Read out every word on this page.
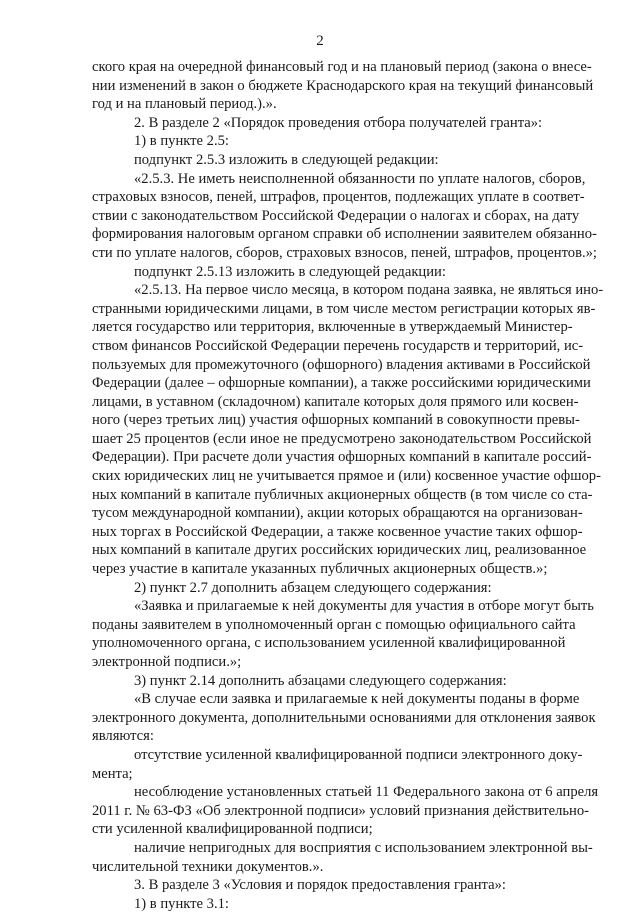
2

ского края на очередной финансовый год и на плановый период (закона о внесе-

нии изменений в закон о бюджете Краснодарского края на текущий финансовый

год и на плановый период.).».

2. В разделе 2 «Порядок проведения отбора получателей гранта»:

1) в пункте 2.5:

подпункт 2.5.3 изложить в следующей редакции:

«2.5.3. Не иметь неисполненной обязанности по уплате налогов, сборов,

страховых взносов, пеней, штрафов, процентов, подлежащих уплате в соответ-

ствии с законодательством Российской Федерации о налогах и сборах, на дату

формирования налоговым органом справки об исполнении заявителем обязанно-

сти по уплате налогов, сборов, страховых взносов, пеней, штрафов, процентов.»;

подпункт 2.5.13 изложить в следующей редакции:

«2.5.13. На первое число месяца, в котором подана заявка, не являться ино-

странными юридическими лицами, в том числе местом регистрации которых яв-

ляется государство или территория, включенные в утверждаемый Министер-

ством финансов Российской Федерации перечень государств и территорий, ис-

пользуемых для промежуточного (офшорного) владения активами в Российской

Федерации (далее – офшорные компании), а также российскими юридическими

лицами, в уставном (складочном) капитале которых доля прямого или косвен-

ного (через третьих лиц) участия офшорных компаний в совокупности превы-

шает 25 процентов (если иное не предусмотрено законодательством Российской

Федерации). При расчете доли участия офшорных компаний в капитале россий-

ских юридических лиц не учитывается прямое и (или) косвенное участие офшор-

ных компаний в капитале публичных акционерных обществ (в том числе со ста-

тусом международной компании), акции которых обращаются на организован-

ных торгах в Российской Федерации, а также косвенное участие таких офшор-

ных компаний в капитале других российских юридических лиц, реализованное

через участие в капитале указанных публичных акционерных обществ.»;

2) пункт 2.7 дополнить абзацем следующего содержания:

«Заявка и прилагаемые к ней документы для участия в отборе могут быть

поданы заявителем в уполномоченный орган с помощью официального сайта

уполномоченного органа, с использованием усиленной квалифицированной

электронной подписи.»;

3) пункт 2.14 дополнить абзацами следующего содержания:

«В случае если заявка и прилагаемые к ней документы поданы в форме

электронного документа, дополнительными основаниями для отклонения заявок

являются:

отсутствие усиленной квалифицированной подписи электронного доку-

мента;

несоблюдение установленных статьей 11 Федерального закона от 6 апреля

2011 г. № 63-ФЗ «Об электронной подписи» условий признания действительно-

сти усиленной квалифицированной подписи;

наличие непригодных для восприятия с использованием электронной вы-

числительной техники документов.».

3. В разделе 3 «Условия и порядок предоставления гранта»:

1) в пункте 3.1:
